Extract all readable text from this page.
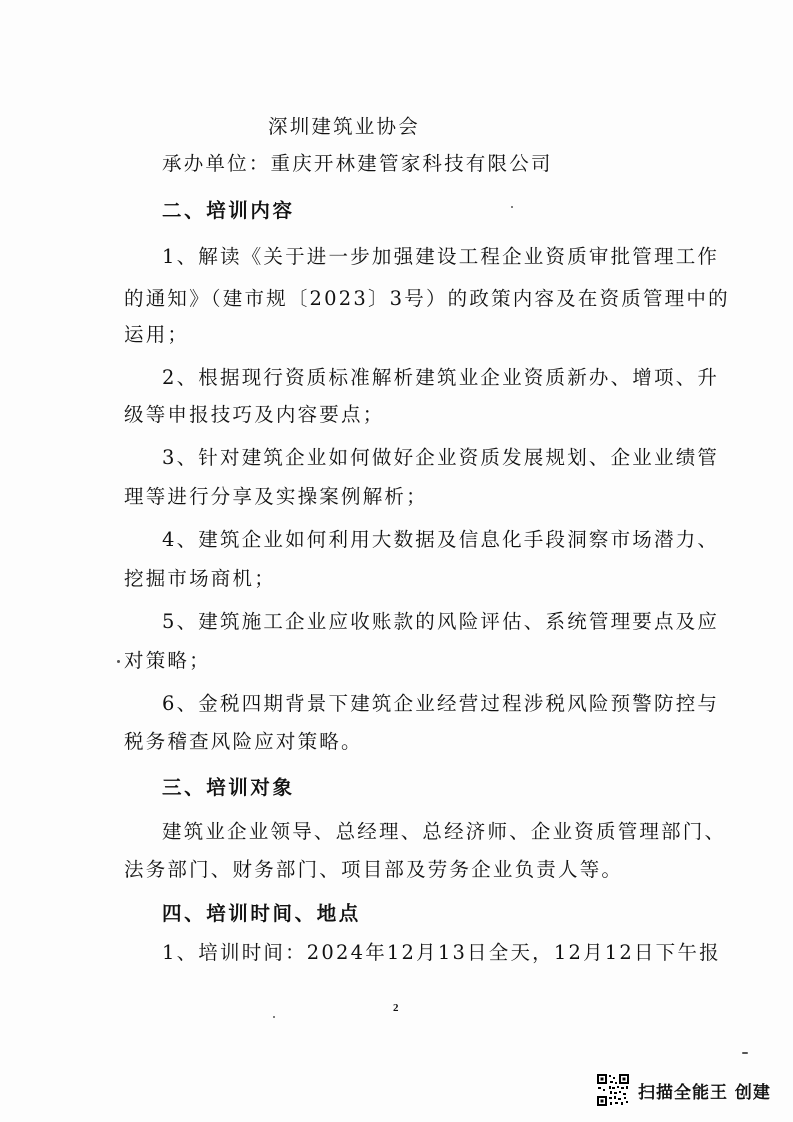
深圳建筑业协会
承办单位：重庆开林建管家科技有限公司
二、培训内容
1、解读《关于进一步加强建设工程企业资质审批管理工作
的通知》（建市规〔2023〕3号）的政策内容及在资质管理中的
运用；
2、根据现行资质标准解析建筑业企业资质新办、增项、升
级等申报技巧及内容要点；
3、针对建筑企业如何做好企业资质发展规划、企业业绩管
理等进行分享及实操案例解析；
4、建筑企业如何利用大数据及信息化手段洞察市场潜力、
挖掘市场商机；
5、建筑施工企业应收账款的风险评估、系统管理要点及应
对策略；
6、金税四期背景下建筑企业经营过程涉税风险预警防控与
税务稽查风险应对策略。
三、培训对象
建筑业企业领导、总经理、总经济师、企业资质管理部门、
法务部门、财务部门、项目部及劳务企业负责人等。
四、培训时间、地点
1、培训时间：2024年12月13日全天，12月12日下午报
2
扫描全能王 创建
